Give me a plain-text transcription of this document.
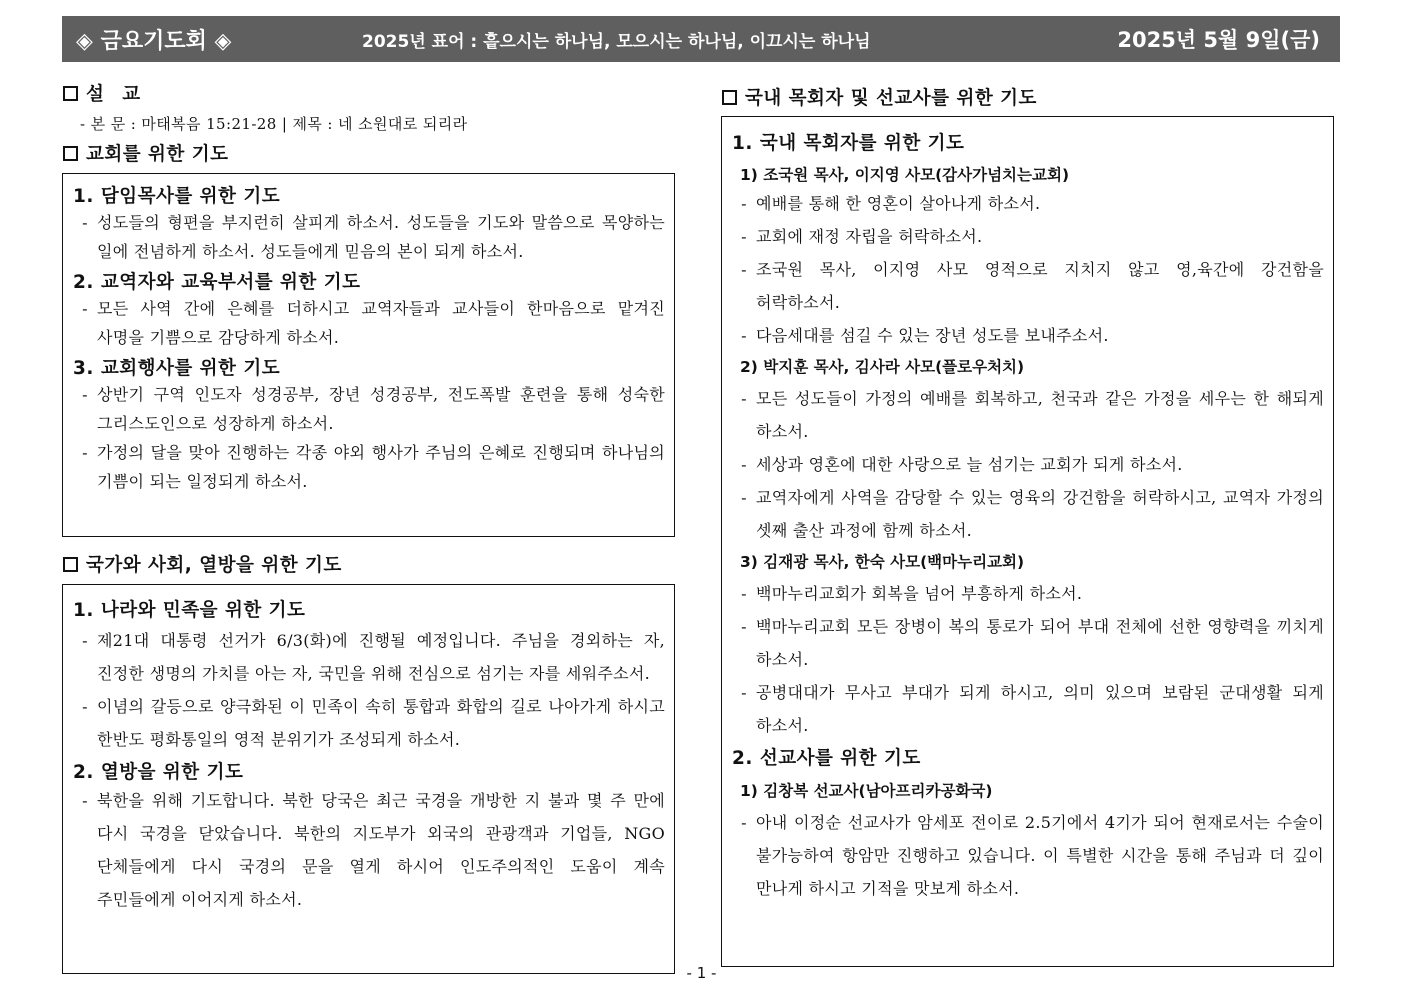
◈ 금요기도회 ◈	2025년 표어 : 흩으시는 하나님, 모으시는 하나님, 이끄시는 하나님	2025년 5월 9일(금)
설 교
- 본 문 : 마태복음 15:21-28 | 제목 : 네 소원대로 되리라
교회를 위한 기도
1. 담임목사를 위한 기도
- 성도들의 형편을 부지런히 살피게 하소서. 성도들을 기도와 말씀으로 목양하는 일에 전념하게 하소서. 성도들에게 믿음의 본이 되게 하소서.
2. 교역자와 교육부서를 위한 기도
- 모든 사역 간에 은혜를 더하시고 교역자들과 교사들이 한마음으로 맡겨진 사명을 기쁨으로 감당하게 하소서.
3. 교회행사를 위한 기도
- 상반기 구역 인도자 성경공부, 장년 성경공부, 전도폭발 훈련을 통해 성숙한 그리스도인으로 성장하게 하소서.
- 가정의 달을 맞아 진행하는 각종 야외 행사가 주님의 은혜로 진행되며 하나님의 기쁨이 되는 일정되게 하소서.
국가와 사회, 열방을 위한 기도
1. 나라와 민족을 위한 기도
- 제21대 대통령 선거가 6/3(화)에 진행될 예정입니다. 주님을 경외하는 자, 진정한 생명의 가치를 아는 자, 국민을 위해 전심으로 섬기는 자를 세워주소서.
- 이념의 갈등으로 양극화된 이 민족이 속히 통합과 화합의 길로 나아가게 하시고 한반도 평화통일의 영적 분위기가 조성되게 하소서.
2. 열방을 위한 기도
- 북한을 위해 기도합니다. 북한 당국은 최근 국경을 개방한 지 불과 몇 주 만에 다시 국경을 닫았습니다. 북한의 지도부가 외국의 관광객과 기업들, NGO 단체들에게 다시 국경의 문을 열게 하시어 인도주의적인 도움이 계속 주민들에게 이어지게 하소서.
국내 목회자 및 선교사를 위한 기도
1. 국내 목회자를 위한 기도
1) 조국원 목사, 이지영 사모(감사가넘치는교회)
- 예배를 통해 한 영혼이 살아나게 하소서.
- 교회에 재정 자립을 허락하소서.
- 조국원 목사, 이지영 사모 영적으로 지치지 않고 영,육간에 강건함을 허락하소서.
- 다음세대를 섬길 수 있는 장년 성도를 보내주소서.
2) 박지훈 목사, 김사라 사모(플로우처치)
- 모든 성도들이 가정의 예배를 회복하고, 천국과 같은 가정을 세우는 한 해되게 하소서.
- 세상과 영혼에 대한 사랑으로 늘 섬기는 교회가 되게 하소서.
- 교역자에게 사역을 감당할 수 있는 영육의 강건함을 허락하시고, 교역자 가정의 셋째 출산 과정에 함께 하소서.
3) 김재광 목사, 한숙 사모(백마누리교회)
- 백마누리교회가 회복을 넘어 부흥하게 하소서.
- 백마누리교회 모든 장병이 복의 통로가 되어 부대 전체에 선한 영향력을 끼치게 하소서.
- 공병대대가 무사고 부대가 되게 하시고, 의미 있으며 보람된 군대생활 되게 하소서.
2. 선교사를 위한 기도
1) 김창복 선교사(남아프리카공화국)
- 아내 이정순 선교사가 암세포 전이로 2.5기에서 4기가 되어 현재로서는 수술이 불가능하여 항암만 진행하고 있습니다. 이 특별한 시간을 통해 주님과 더 깊이 만나게 하시고 기적을 맛보게 하소서.
- 1 -
